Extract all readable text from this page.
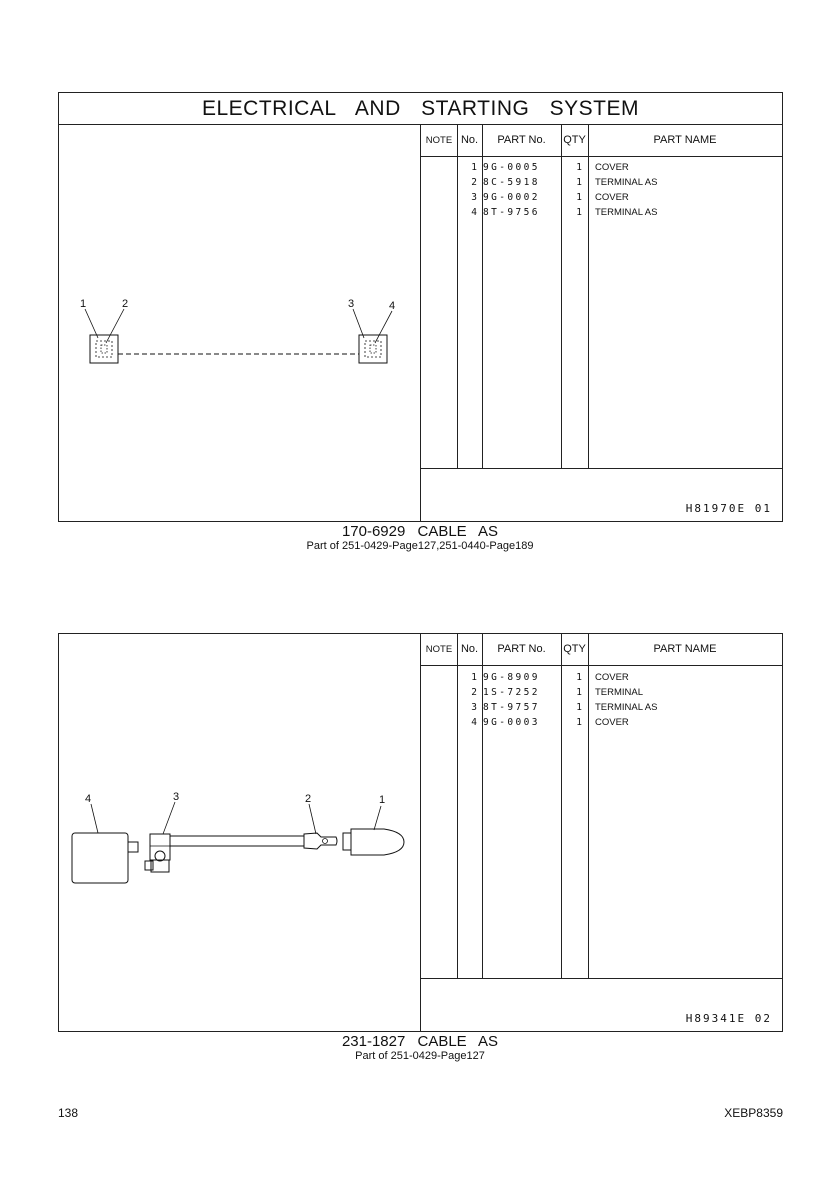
ELECTRICAL AND STARTING SYSTEM
1	2	3	4
NOTE No.	PART No.	QTY	PART NAME
1 9G-0005	1 COVER
2 8C-5918	1 TERMINAL AS
3 9G-0002	1 COVER
4 8T-9756	1 TERMINAL AS
H81970E 01
170-6929 CABLE AS
Part of 251-0429-Page127,251-0440-Page189
4	3	2	1
NOTE No.	PART No.	QTY	PART NAME
1 9G-8909	1 COVER
2 1S-7252	1 TERMINAL
3 8T-9757	1 TERMINAL AS
4 9G-0003	1 COVER
H89341E 02
231-1827 CABLE AS
Part of 251-0429-Page127
138	XEBP8359
